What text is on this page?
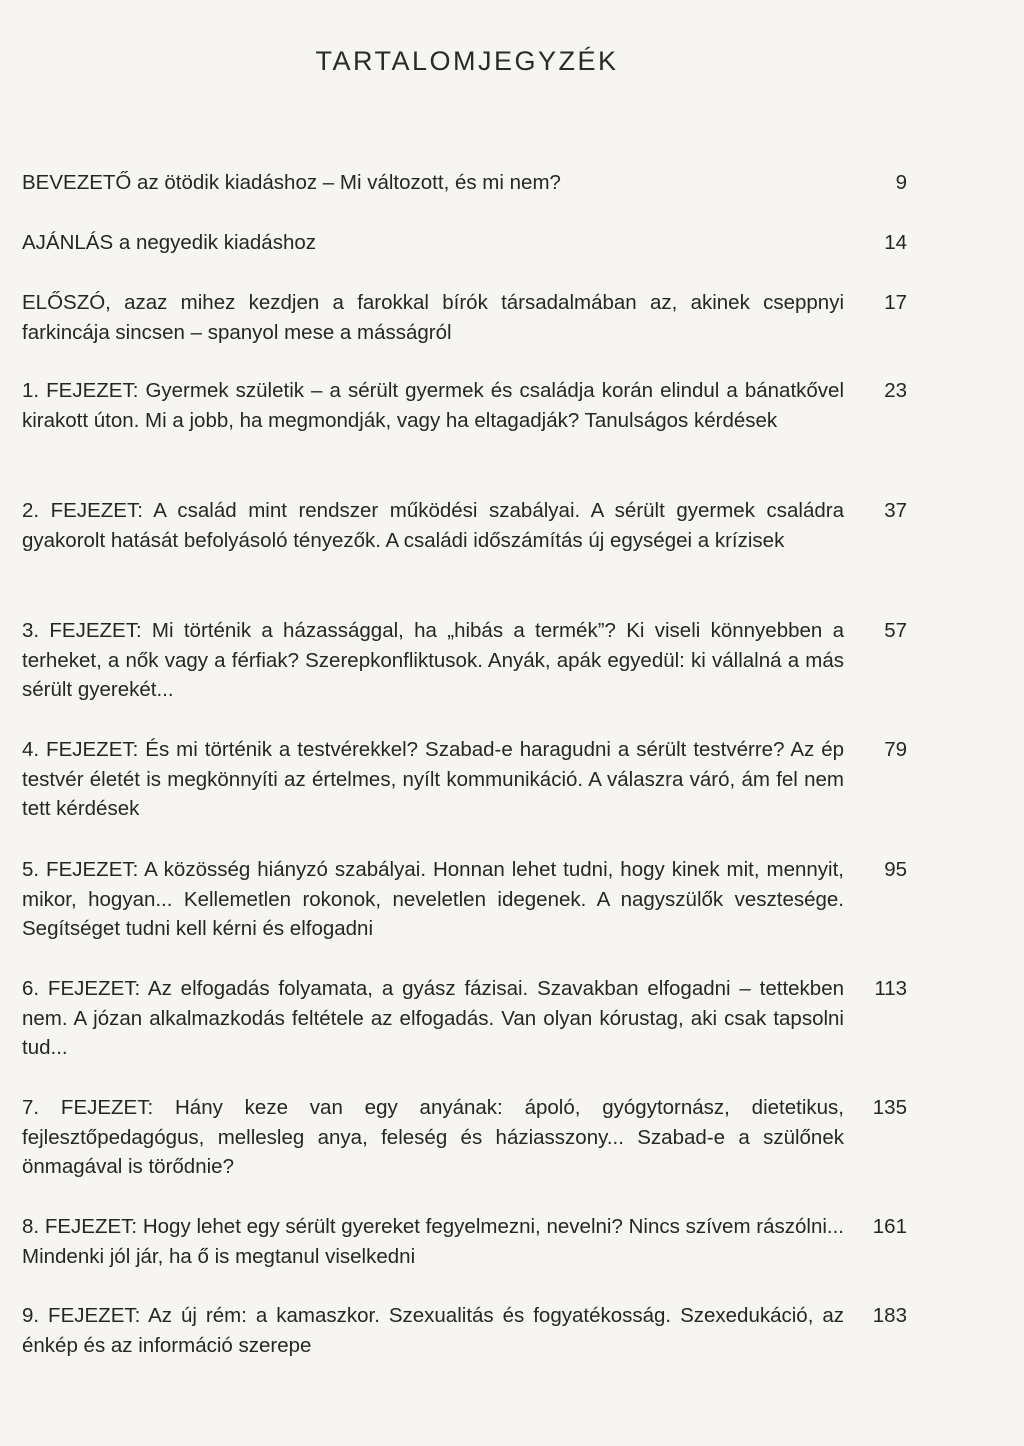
TARTALOMJEGYZÉK
BEVEZETŐ az ötödik kiadáshoz – Mi változott, és mi nem?	9
AJÁNLÁS a negyedik kiadáshoz	14
ELŐSZÓ, azaz mihez kezdjen a farokkal bírók társadalmában az, akinek cseppnyi farkincája sincsen – spanyol mese a másságról
17
1. FEJEZET: Gyermek születik – a sérült gyermek és családja korán elindul a bánatkővel kirakott úton. Mi a jobb, ha megmondják, vagy ha eltagadják? Tanulságos kérdések
23
2. FEJEZET: A család mint rendszer működési szabályai. A sérült gyermek családra gyakorolt hatását befolyásoló tényezők. A családi időszámítás új egységei a krízisek
37
3. FEJEZET: Mi történik a házassággal, ha „hibás a termék”? Ki viseli könnyebben a terheket, a nők vagy a férfiak? Szerepkonfliktusok. Anyák, apák egyedül: ki vállalná a más sérült gyerekét...
57
4. FEJEZET: És mi történik a testvérekkel? Szabad-e haragudni a sérült testvérre? Az ép testvér életét is megkönnyíti az értelmes, nyílt kommunikáció. A válaszra váró, ám fel nem tett kérdések
79
5. FEJEZET: A közösség hiányzó szabályai. Honnan lehet tudni, hogy kinek mit, mennyit, mikor, hogyan... Kellemetlen rokonok, neveletlen idegenek. A nagyszülők vesztesége. Segítséget tudni kell kérni és elfogadni
95
6. FEJEZET: Az elfogadás folyamata, a gyász fázisai. Szavakban elfogadni – tettekben nem. A józan alkalmazkodás feltétele az elfogadás. Van olyan kórustag, aki csak tapsolni tud...
113
7. FEJEZET: Hány keze van egy anyának: ápoló, gyógytornász, dietetikus, fejlesztőpedagógus, mellesleg anya, feleség és háziasszony... Szabad-e a szülőnek önmagával is törődnie?
135
8. FEJEZET: Hogy lehet egy sérült gyereket fegyelmezni, nevelni? Nincs szívem rászólni... Mindenki jól jár, ha ő is megtanul viselkedni
161
9. FEJEZET: Az új rém: a kamaszkor. Szexualitás és fogyatékosság. Szexedukáció, az énkép és az információ szerepe
183
